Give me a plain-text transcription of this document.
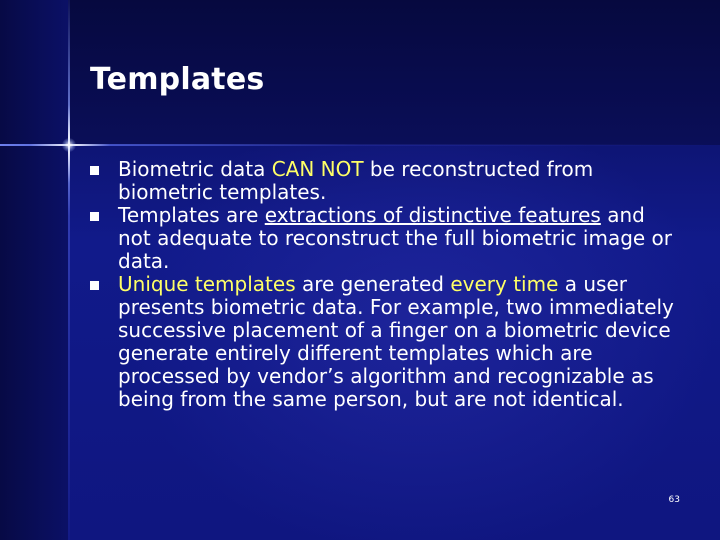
Templates
Biometric data CAN NOT be reconstructed from biometric templates.
Templates are extractions of distinctive features and not adequate to reconstruct the full biometric image or data.
Unique templates are generated every time a user presents biometric data. For example, two immediately successive placement of a finger on a biometric device generate entirely different templates which are processed by vendor’s algorithm and recognizable as being from the same person, but are not identical.
63
